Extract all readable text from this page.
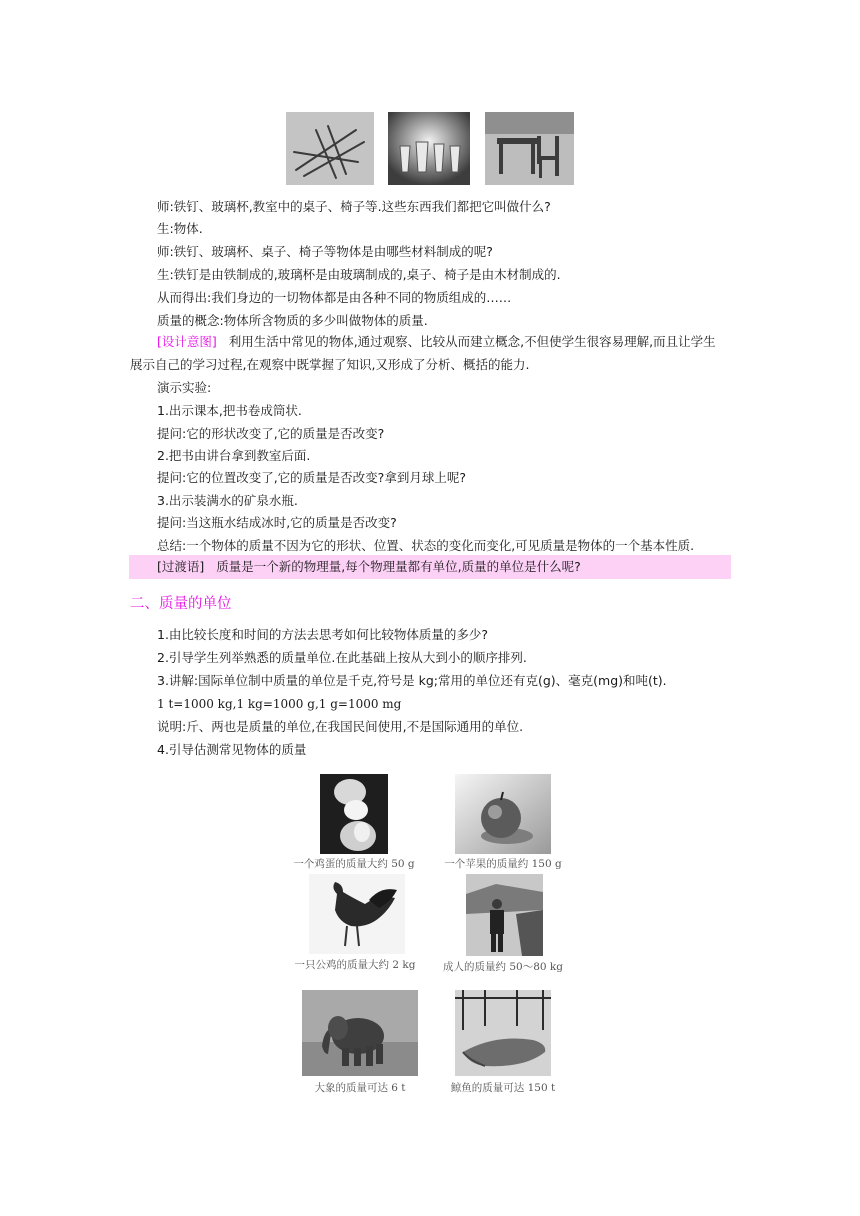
师:铁钉、玻璃杯,教室中的桌子、椅子等.这些东西我们都把它叫做什么?
生:物体.
师:铁钉、玻璃杯、桌子、椅子等物体是由哪些材料制成的呢?
生:铁钉是由铁制成的,玻璃杯是由玻璃制成的,桌子、椅子是由木材制成的.
从而得出:我们身边的一切物体都是由各种不同的物质组成的……
质量的概念:物体所含物质的多少叫做物体的质量.
[设计意图] 利用生活中常见的物体,通过观察、比较从而建立概念,不但使学生很容易理解,而且让学生
展示自己的学习过程,在观察中既掌握了知识,又形成了分析、概括的能力.
演示实验:
1.出示课本,把书卷成筒状.
提问:它的形状改变了,它的质量是否改变?
2.把书由讲台拿到教室后面.
提问:它的位置改变了,它的质量是否改变?拿到月球上呢?
3.出示装满水的矿泉水瓶.
提问:当这瓶水结成冰时,它的质量是否改变?
总结:一个物体的质量不因为它的形状、位置、状态的变化而变化,可见质量是物体的一个基本性质.
[过渡语] 质量是一个新的物理量,每个物理量都有单位,质量的单位是什么呢?
二、质量的单位
1.由比较长度和时间的方法去思考如何比较物体质量的多少?
2.引导学生列举熟悉的质量单位.在此基础上按从大到小的顺序排列.
3.讲解:国际单位制中质量的单位是千克,符号是 kg;常用的单位还有克(g)、毫克(mg)和吨(t).
1 t=1000 kg,1 kg=1000 g,1 g=1000 mg
说明:斤、两也是质量的单位,在我国民间使用,不是国际通用的单位.
4.引导估测常见物体的质量
一个鸡蛋的质量大约 50 g	一个苹果的质量约 150 g
一只公鸡的质量大约 2 kg	成人的质量约 50～80 kg
大象的质量可达 6 t	鲸鱼的质量可达 150 t
